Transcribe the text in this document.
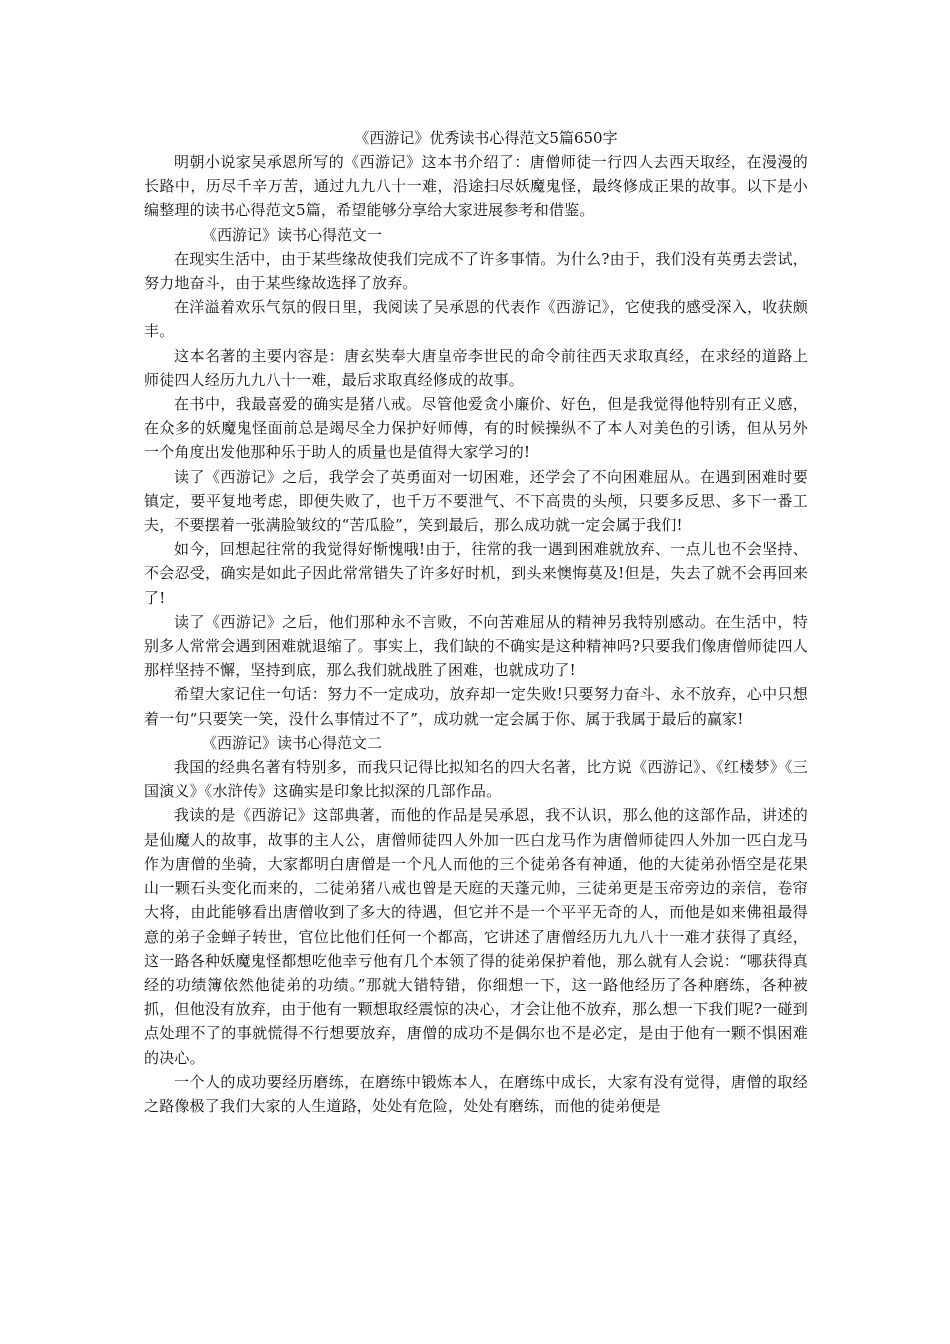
《西游记》优秀读书心得范文5篇650字

明朝小说家吴承恩所写的《西游记》这本书介绍了：唐僧师徒一行四人去西天取经，在漫漫的长路中，历尽千辛万苦，通过九九八十一难，沿途扫尽妖魔鬼怪，最终修成正果的故事。以下是小编整理的读书心得范文5篇，希望能够分享给大家进展参考和借鉴。

《西游记》读书心得范文一

在现实生活中，由于某些缘故使我们完成不了许多事情。为什么?由于，我们没有英勇去尝试，努力地奋斗，由于某些缘故选择了放弃。

在洋溢着欢乐气氛的假日里，我阅读了吴承恩的代表作《西游记》，它使我的感受深入，收获颇丰。

这本名著的主要内容是：唐玄奘奉大唐皇帝李世民的命令前往西天求取真经，在求经的道路上师徒四人经历九九八十一难，最后求取真经修成的故事。

在书中，我最喜爱的确实是猪八戒。尽管他爱贪小廉价、好色，但是我觉得他特别有正义感，在众多的妖魔鬼怪面前总是竭尽全力保护好师傅，有的时候操纵不了本人对美色的引诱，但从另外一个角度出发他那种乐于助人的质量也是值得大家学习的!

读了《西游记》之后，我学会了英勇面对一切困难，还学会了不向困难屈从。在遇到困难时要镇定，要平复地考虑，即便失败了，也千万不要泄气、不下高贵的头颅，只要多反思、多下一番工夫，不要摆着一张满脸皱纹的“苦瓜脸”，笑到最后，那么成功就一定会属于我们!

如今，回想起往常的我觉得好惭愧哦!由于，往常的我一遇到困难就放弃、一点儿也不会坚持、不会忍受，确实是如此子因此常常错失了许多好时机，到头来懊悔莫及!但是，失去了就不会再回来了!

读了《西游记》之后，他们那种永不言败，不向苦难屈从的精神另我特别感动。在生活中，特别多人常常会遇到困难就退缩了。事实上，我们缺的不确实是这种精神吗?只要我们像唐僧师徒四人那样坚持不懈，坚持到底，那么我们就战胜了困难，也就成功了!

希望大家记住一句话：努力不一定成功，放弃却一定失败!只要努力奋斗、永不放弃，心中只想着一句“只要笑一笑，没什么事情过不了”，成功就一定会属于你、属于我属于最后的赢家!

《西游记》读书心得范文二

我国的经典名著有特别多，而我只记得比拟知名的四大名著，比方说《西游记》、《红楼梦》《三国演义》《水浒传》这确实是印象比拟深的几部作品。

我读的是《西游记》这部典著，而他的作品是吴承恩，我不认识，那么他的这部作品，讲述的是仙魔人的故事，故事的主人公，唐僧师徒四人外加一匹白龙马作为唐僧师徒四人外加一匹白龙马作为唐僧的坐骑，大家都明白唐僧是一个凡人而他的三个徒弟各有神通，他的大徒弟孙悟空是花果山一颗石头变化而来的，二徒弟猪八戒也曾是天庭的天蓬元帅，三徒弟更是玉帝旁边的亲信，卷帘大将，由此能够看出唐僧收到了多大的待遇，但它并不是一个平平无奇的人，而他是如来佛祖最得意的弟子金蝉子转世，官位比他们任何一个都高，它讲述了唐僧经历九九八十一难才获得了真经，这一路各种妖魔鬼怪都想吃他幸亏他有几个本领了得的徒弟保护着他，那么就有人会说：“哪获得真经的功绩簿依然他徒弟的功绩。”那就大错特错，你细想一下，这一路他经历了各种磨练，各种被抓，但他没有放弃，由于他有一颗想取经震惊的决心，才会让他不放弃，那么想一下我们呢?一碰到点处理不了的事就慌得不行想要放弃，唐僧的成功不是偶尔也不是必定，是由于他有一颗不惧困难的决心。

一个人的成功要经历磨练，在磨练中锻炼本人，在磨练中成长，大家有没有觉得，唐僧的取经之路像极了我们大家的人生道路，处处有危险，处处有磨练，而他的徒弟便是
